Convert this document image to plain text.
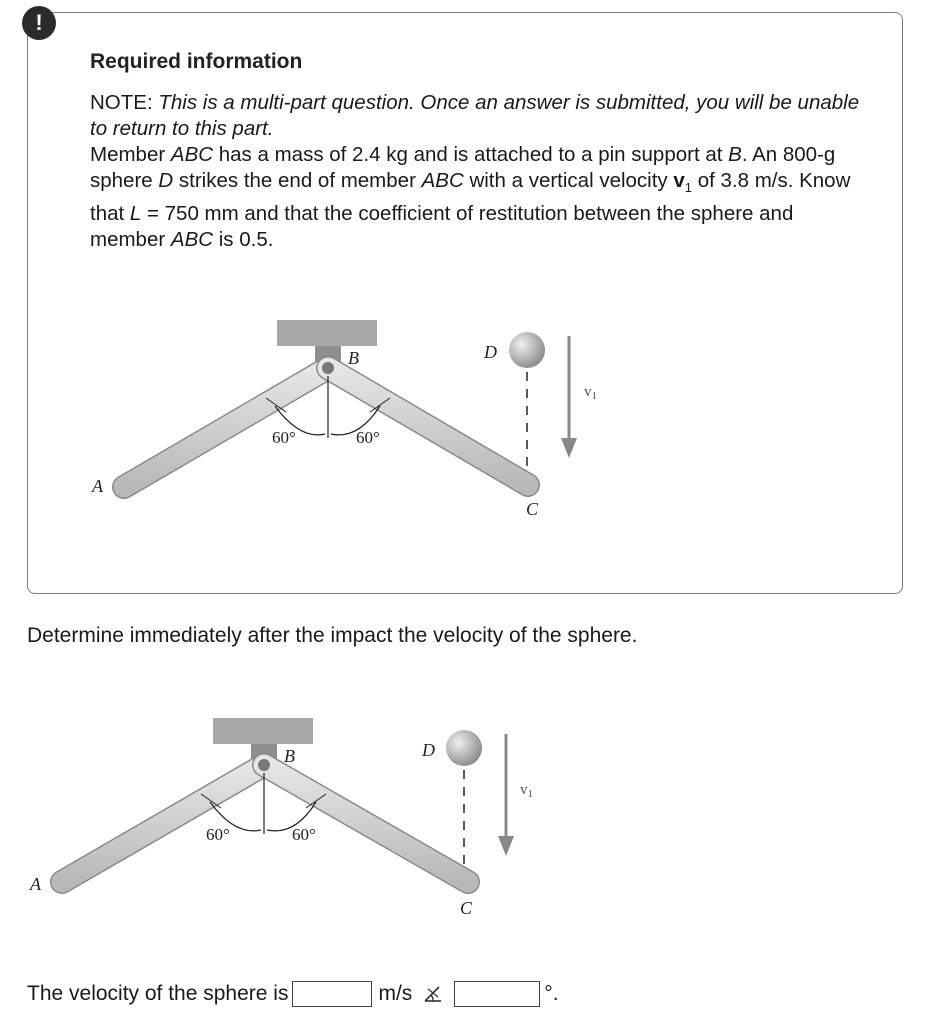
!
Required information
NOTE: This is a multi-part question. Once an answer is submitted, you will be unable to return to this part.
Member ABC has a mass of 2.4 kg and is attached to a pin support at B. An 800-g sphere D strikes the end of member ABC with a vertical velocity $v_1$ of 3.8 m/s. Know that L = 750 mm and that the coefficient of restitution between the sphere and member ABC is 0.5.
60°	60°
A
B
C
D
$v_1$
Determine immediately after the impact the velocity of the sphere.
60°	60°
A
B
C
D
$v_1$
The velocity of the sphere is	m/s	°.
